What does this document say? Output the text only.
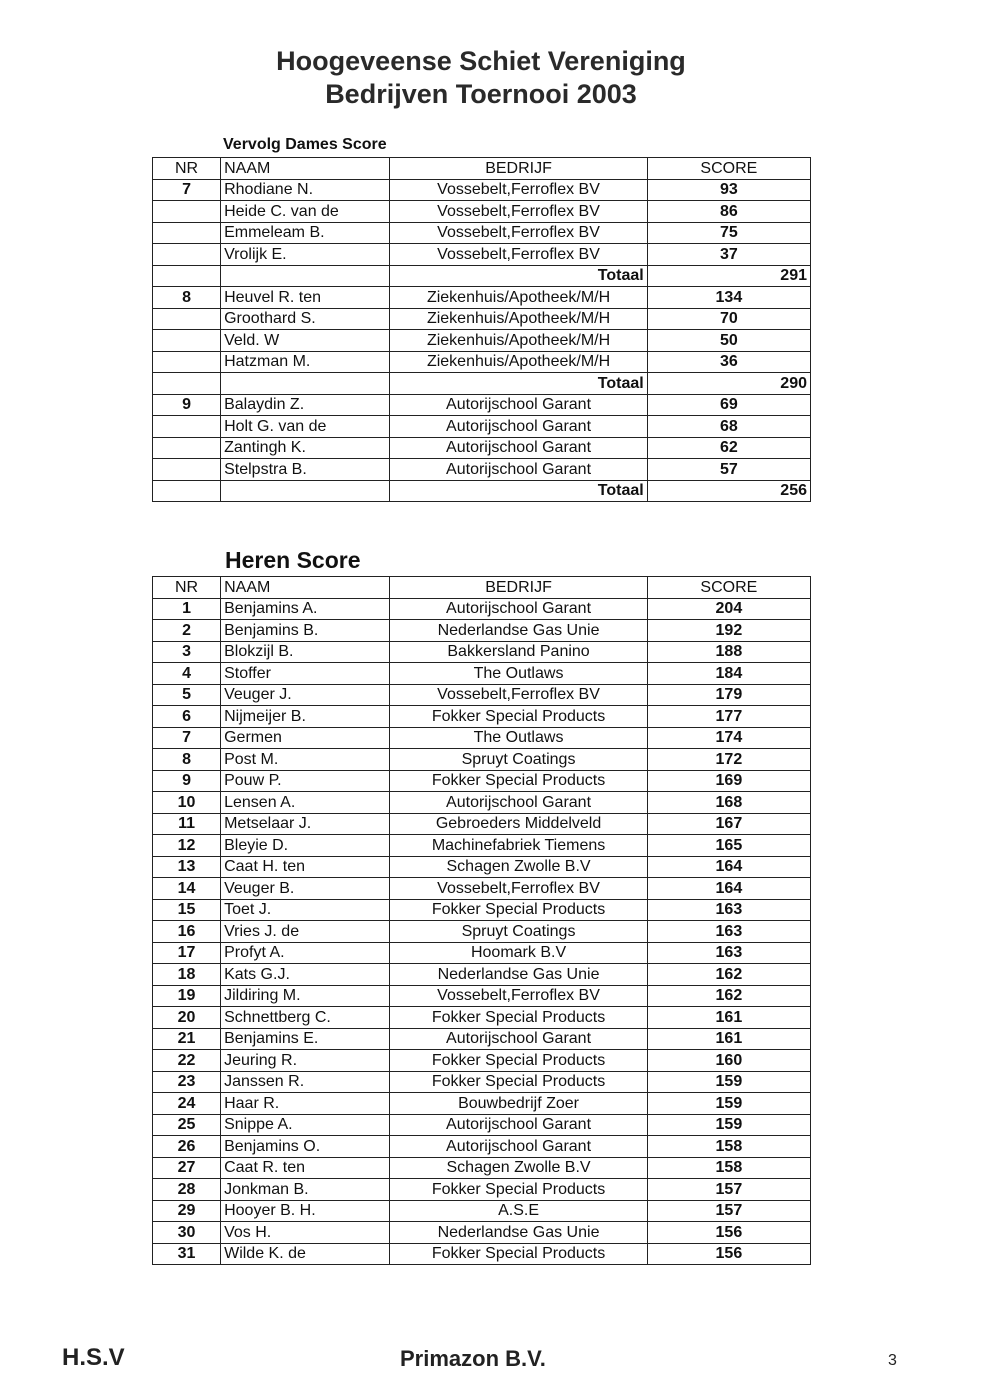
Hoogeveense Schiet Vereniging
Bedrijven Toernooi 2003
Vervolg Dames Score
NR	NAAM	BEDRIJF	SCORE
7	Rhodiane N.	Vossebelt,Ferroflex BV	93
	Heide C. van de	Vossebelt,Ferroflex BV	86
	Emmeleam B.	Vossebelt,Ferroflex BV	75
	Vrolijk E.	Vossebelt,Ferroflex BV	37
		Totaal	291
8	Heuvel R. ten	Ziekenhuis/Apotheek/M/H	134
	Groothard S.	Ziekenhuis/Apotheek/M/H	70
	Veld. W	Ziekenhuis/Apotheek/M/H	50
	Hatzman M.	Ziekenhuis/Apotheek/M/H	36
		Totaal	290
9	Balaydin Z.	Autorijschool Garant	69
	Holt G. van de	Autorijschool Garant	68
	Zantingh K.	Autorijschool Garant	62
	Stelpstra B.	Autorijschool Garant	57
		Totaal	256
Heren Score
NR	NAAM	BEDRIJF	SCORE
1	Benjamins A.	Autorijschool Garant	204
2	Benjamins B.	Nederlandse Gas Unie	192
3	Blokzijl B.	Bakkersland Panino	188
4	Stoffer	The Outlaws	184
5	Veuger J.	Vossebelt,Ferroflex BV	179
6	Nijmeijer B.	Fokker Special Products	177
7	Germen	The Outlaws	174
8	Post M.	Spruyt Coatings	172
9	Pouw P.	Fokker Special Products	169
10	Lensen A.	Autorijschool Garant	168
11	Metselaar J.	Gebroeders Middelveld	167
12	Bleyie D.	Machinefabriek Tiemens	165
13	Caat H. ten	Schagen Zwolle B.V	164
14	Veuger B.	Vossebelt,Ferroflex BV	164
15	Toet J.	Fokker Special Products	163
16	Vries J. de	Spruyt Coatings	163
17	Profyt A.	Hoomark B.V	163
18	Kats G.J.	Nederlandse Gas Unie	162
19	Jildiring M.	Vossebelt,Ferroflex BV	162
20	Schnettberg C.	Fokker Special Products	161
21	Benjamins E.	Autorijschool Garant	161
22	Jeuring R.	Fokker Special Products	160
23	Janssen R.	Fokker Special Products	159
24	Haar R.	Bouwbedrijf Zoer	159
25	Snippe A.	Autorijschool Garant	159
26	Benjamins O.	Autorijschool Garant	158
27	Caat R. ten	Schagen Zwolle B.V	158
28	Jonkman B.	Fokker Special Products	157
29	Hooyer B. H.	A.S.E	157
30	Vos H.	Nederlandse Gas Unie	156
31	Wilde K. de	Fokker Special Products	156
H.S.V	Primazon B.V.	3
